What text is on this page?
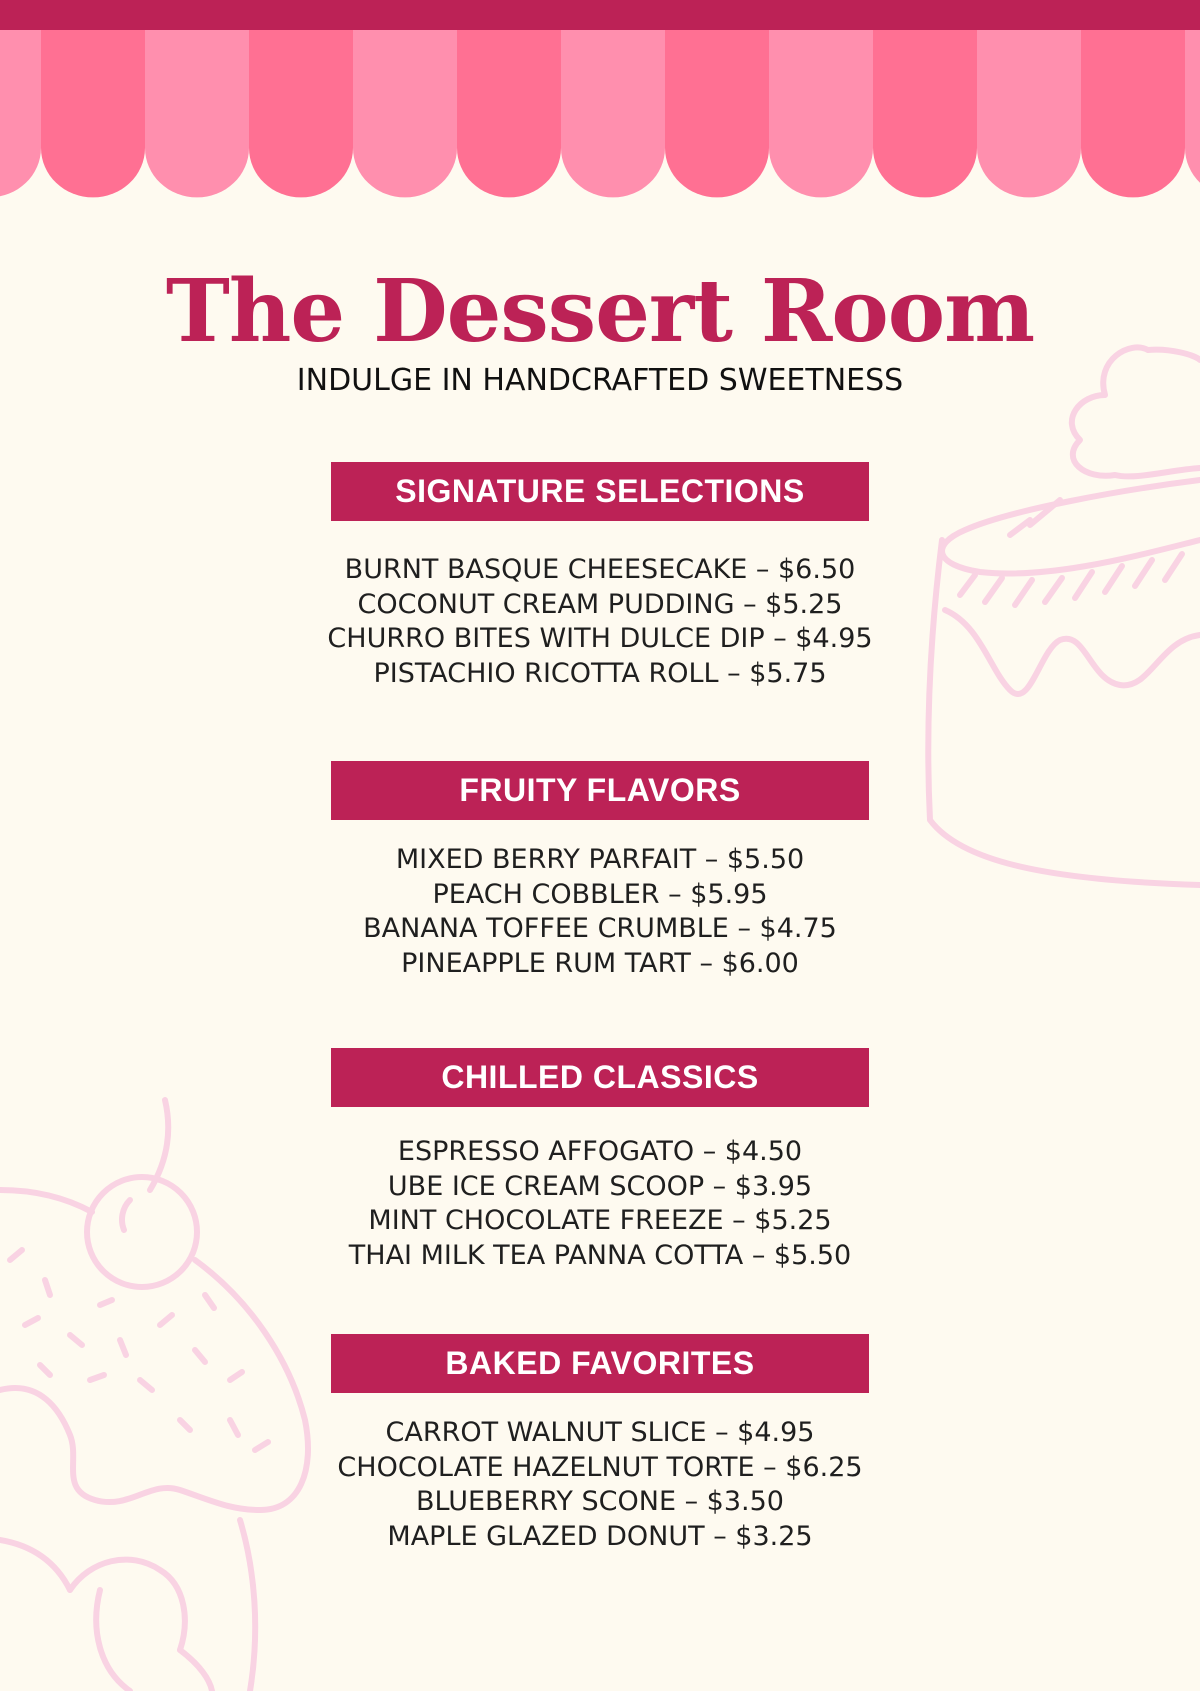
The Dessert Room

INDULGE IN HANDCRAFTED SWEETNESS

SIGNATURE SELECTIONS
BURNT BASQUE CHEESECAKE – $6.50
COCONUT CREAM PUDDING – $5.25
CHURRO BITES WITH DULCE DIP – $4.95
PISTACHIO RICOTTA ROLL – $5.75
FRUITY FLAVORS
MIXED BERRY PARFAIT – $5.50
PEACH COBBLER – $5.95
BANANA TOFFEE CRUMBLE – $4.75
PINEAPPLE RUM TART – $6.00
CHILLED CLASSICS
ESPRESSO AFFOGATO – $4.50
UBE ICE CREAM SCOOP – $3.95
MINT CHOCOLATE FREEZE – $5.25
THAI MILK TEA PANNA COTTA – $5.50
BAKED FAVORITES
CARROT WALNUT SLICE – $4.95
CHOCOLATE HAZELNUT TORTE – $6.25
BLUEBERRY SCONE – $3.50
MAPLE GLAZED DONUT – $3.25
